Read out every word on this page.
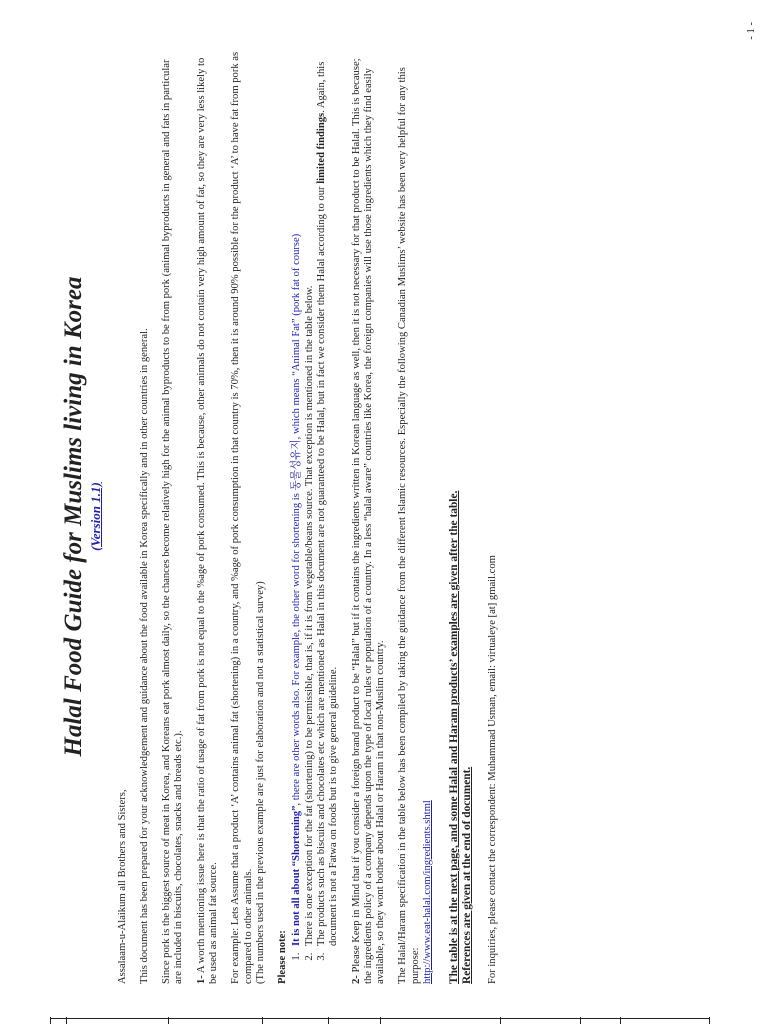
Halal Food Guide for Muslims living in Korea (Version 1.1)

Assalaam-u-Alaikum all Brothers and Sisters, This document has been prepared for your acknowledgement and guidance about the food available in Korea specifically and in other countries in general. Since pork is the biggest source of meat in Korea, and Koreans eat pork almost daily, so the chances become relatively high for the animal byproducts to be from pork (animal byproducts in general and fats in particular are included in biscuits, chocolates, snacks and breads etc.). 1- A worth mentioning issue here is that the ratio of usage of fat from pork is not equal to the %age of pork consumed. This is because, other animals do not contain very high amount of fat, so they are very less likely to be used as animal fat source. For example: Lets Assume that a product ‘A’ contains animal fat (shortening) in a country, and %age of pork consumption in that country is 70%, then it is around 90% possible for the product ‘A’ to have fat from pork as compared to other animals.
(The numbers used in the previous example are just for elaboration and not a statistical survey) Please note:
1. It is not all about “Shortening”, there are other words also. For example, the other word for shortening is 동물성유지, which means “Animal Fat” (pork fat of course) 2. There is one exception for the fat (shortening) to be permissible, that is, if it is from vegetable/beans source. That exception is mentioned in the table below. 3. The products such as biscuits and chocolates etc which are mentioned as Halal in this document are not guaranteed to be Halal, but in fact we consider them Halal according to our limited findings. Again, this document is not a Fatwa on foods but is to give general guideline.

2- Please Keep in Mind that if you consider a foreign brand product to be “Halal” but if it contains the ingredients written in Korean language as well, then it is not necessary for that product to be Halal. This is because; the ingredients policy of a company depends upon the type of local rules or population of a country. In a less “halal aware” countries like Korea, the foreign companies will use those ingredients which they find easily available, so they wont bother about Halal or Haram in that non-Muslim country. The Halal/Haram specification in the table below has been compiled by taking the guidance from the different Islamic resources. Especially the following Canadian Muslims’ website has been very helpful for any this purpose:
http://www.eat-halal.com/ingredients.shtml The table is at the next page, and some Halal and Haram products’ examples are given after the table. References are given at the end of document. For inquiries, please contact the correspondent: Muhammad Usman, email: virtualeye [at] gmail.com
- 1 -
